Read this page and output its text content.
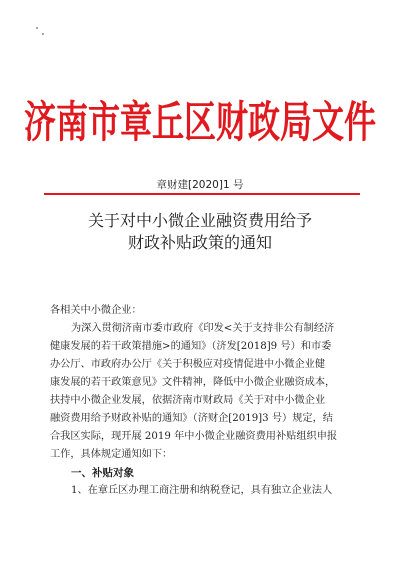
济南市章丘区财政局文件
章财建[2020]1 号
关于对中小微企业融资费用给予
财政补贴政策的通知
各相关中小微企业：

为深入贯彻济南市委市政府《印发<关于支持非公有制经济
健康发展的若干政策措施>的通知》（济发[2018]9 号）和市委
办公厅、市政府办公厅《关于积极应对疫情促进中小微企业健
康发展的若干政策意见》文件精神，降低中小微企业融资成本，
扶持中小微企业发展，依据济南市财政局《关于对中小微企业
融资费用给予财政补贴的通知》（济财企[2019]3 号）规定，结
合我区实际，现开展 2019 年中小微企业融资费用补贴组织申报
工作，具体规定通知如下：

一、补贴对象
1、在章丘区办理工商注册和纳税登记，具有独立企业法人
